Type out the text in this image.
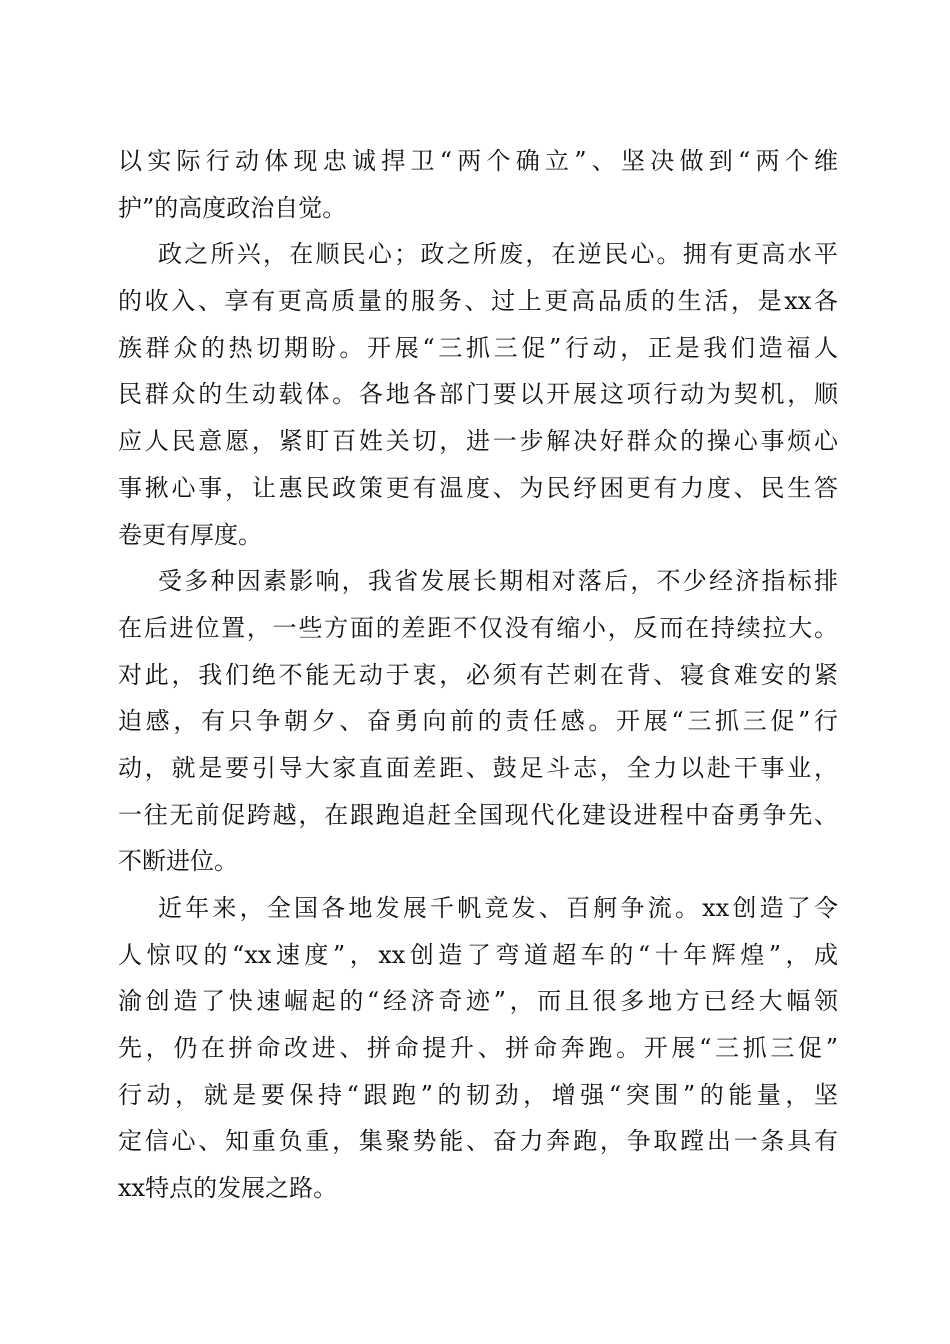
以实际行动体现忠诚捍卫“两个确立”、坚决做到“两个维
护”的高度政治自觉。
政之所兴，在顺民心；政之所废，在逆民心。拥有更高水平
的收入、享有更高质量的服务、过上更高品质的生活，是xx各
族群众的热切期盼。开展“三抓三促”行动，正是我们造福人
民群众的生动载体。各地各部门要以开展这项行动为契机，顺
应人民意愿，紧盯百姓关切，进一步解决好群众的操心事烦心
事揪心事，让惠民政策更有温度、为民纾困更有力度、民生答
卷更有厚度。
受多种因素影响，我省发展长期相对落后，不少经济指标排
在后进位置，一些方面的差距不仅没有缩小，反而在持续拉大。
对此，我们绝不能无动于衷，必须有芒刺在背、寝食难安的紧
迫感，有只争朝夕、奋勇向前的责任感。开展“三抓三促”行
动，就是要引导大家直面差距、鼓足斗志，全力以赴干事业，
一往无前促跨越，在跟跑追赶全国现代化建设进程中奋勇争先、
不断进位。
近年来，全国各地发展千帆竞发、百舸争流。xx创造了令
人惊叹的“xx速度”，xx创造了弯道超车的“十年辉煌”，成
渝创造了快速崛起的“经济奇迹”，而且很多地方已经大幅领
先，仍在拼命改进、拼命提升、拼命奔跑。开展“三抓三促”
行动，就是要保持“跟跑”的韧劲，增强“突围”的能量，坚
定信心、知重负重，集聚势能、奋力奔跑，争取蹚出一条具有
xx特点的发展之路。
